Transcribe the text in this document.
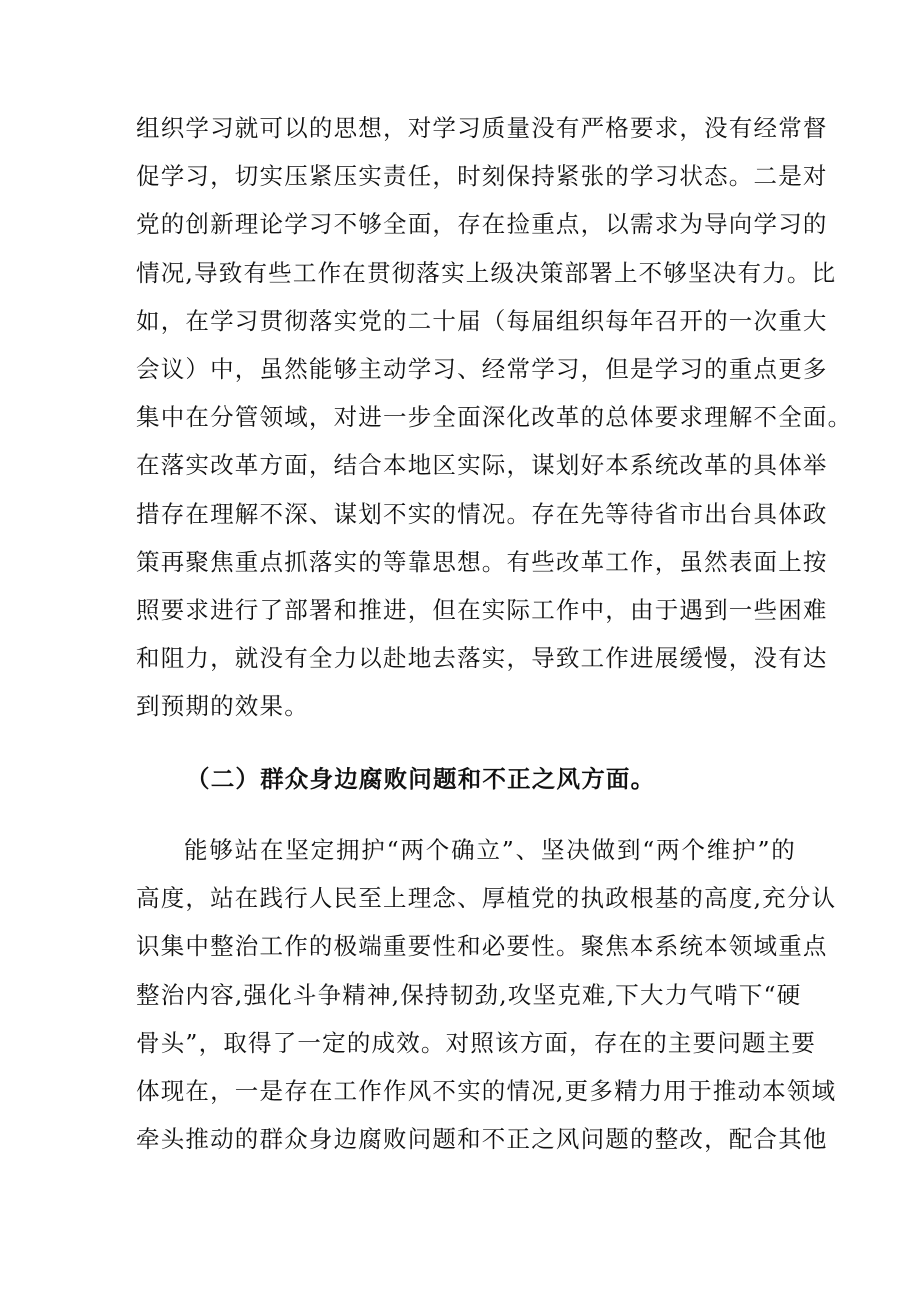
组织学习就可以的思想，对学习质量没有严格要求，没有经常督
促学习，切实压紧压实责任，时刻保持紧张的学习状态。二是对
党的创新理论学习不够全面，存在捡重点，以需求为导向学习的
情况,导致有些工作在贯彻落实上级决策部署上不够坚决有力。比
如，在学习贯彻落实党的二十届（每届组织每年召开的一次重大
会议）中，虽然能够主动学习、经常学习，但是学习的重点更多
集中在分管领域，对进一步全面深化改革的总体要求理解不全面。
在落实改革方面，结合本地区实际，谋划好本系统改革的具体举
措存在理解不深、谋划不实的情况。存在先等待省市出台具体政
策再聚焦重点抓落实的等靠思想。有些改革工作，虽然表面上按
照要求进行了部署和推进，但在实际工作中，由于遇到一些困难
和阻力，就没有全力以赴地去落实，导致工作进展缓慢，没有达
到预期的效果。
（二）群众身边腐败问题和不正之风方面。
能够站在坚定拥护“两个确立”、坚决做到“两个维护”的
高度，站在践行人民至上理念、厚植党的执政根基的高度,充分认
识集中整治工作的极端重要性和必要性。聚焦本系统本领域重点
整治内容,强化斗争精神,保持韧劲,攻坚克难,下大力气啃下“硬
骨头”，取得了一定的成效。对照该方面，存在的主要问题主要
体现在，一是存在工作作风不实的情况,更多精力用于推动本领域
牵头推动的群众身边腐败问题和不正之风问题的整改，配合其他
